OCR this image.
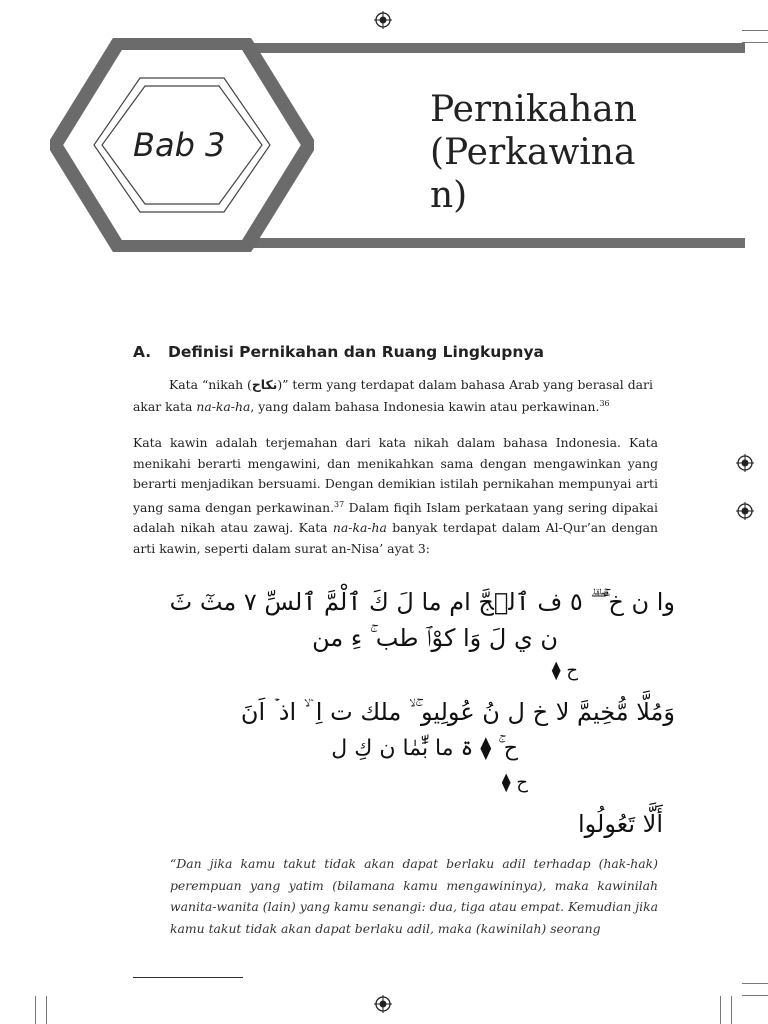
Bab 3
Pernikahan (Perkawinan)
A. Definisi Pernikahan dan Ruang Lingkupnya
Kata “nikah (نكاح)” term yang terdapat dalam bahasa Arab yang berasal dari akar kata na-ka-ha, yang dalam bahasa Indonesia kawin atau perkawinan.$^{36}$
Kata kawin adalah terjemahan dari kata nikah dalam bahasa Indonesia. Kata menikahi berarti mengawini, dan menikahkan sama dengan mengawinkan yang berarti menjadikan bersuami. Dengan demikian istilah pernikahan mempunyai arti yang sama dengan perkawinan.$^{37}$ Dalam fiqih Islam perkataan yang sering dipakai adalah nikah atau zawaj. Kata na-ka-ha banyak terdapat dalam Al-Qur’an dengan arti kawin, seperti dalam surat an-Nisa’ ayat 3:
وا ن خ ۚ ۖ ۗ ٥ ف ٱلۡجَّ ام ما لَ كَ ٱلْمَّ ٱلسِّ ٧ مثٓ ثَ
ن ي لَ وَا كوْٱ طب ۚ ءِ من
ح ⧫
وَمُلَّا مُّخِيمَّ لا خ ل نُ عُولِيو ۚ ۙ ملك ت اِ ۛ ۙ اذ ۡ اَنَ
ح ۚ ⧫ ۃ ما بِّٰمٰا ن كِ ل
ح ⧫
أَلَّا تَعُولُوا
“Dan jika kamu takut tidak akan dapat berlaku adil terhadap (hak-hak) perempuan yang yatim (bilamana kamu mengawininya), maka kawinilah wanita-wanita (lain) yang kamu senangi: dua, tiga atau empat. Kemudian jika kamu takut tidak akan dapat berlaku adil, maka (kawinilah) seorang
